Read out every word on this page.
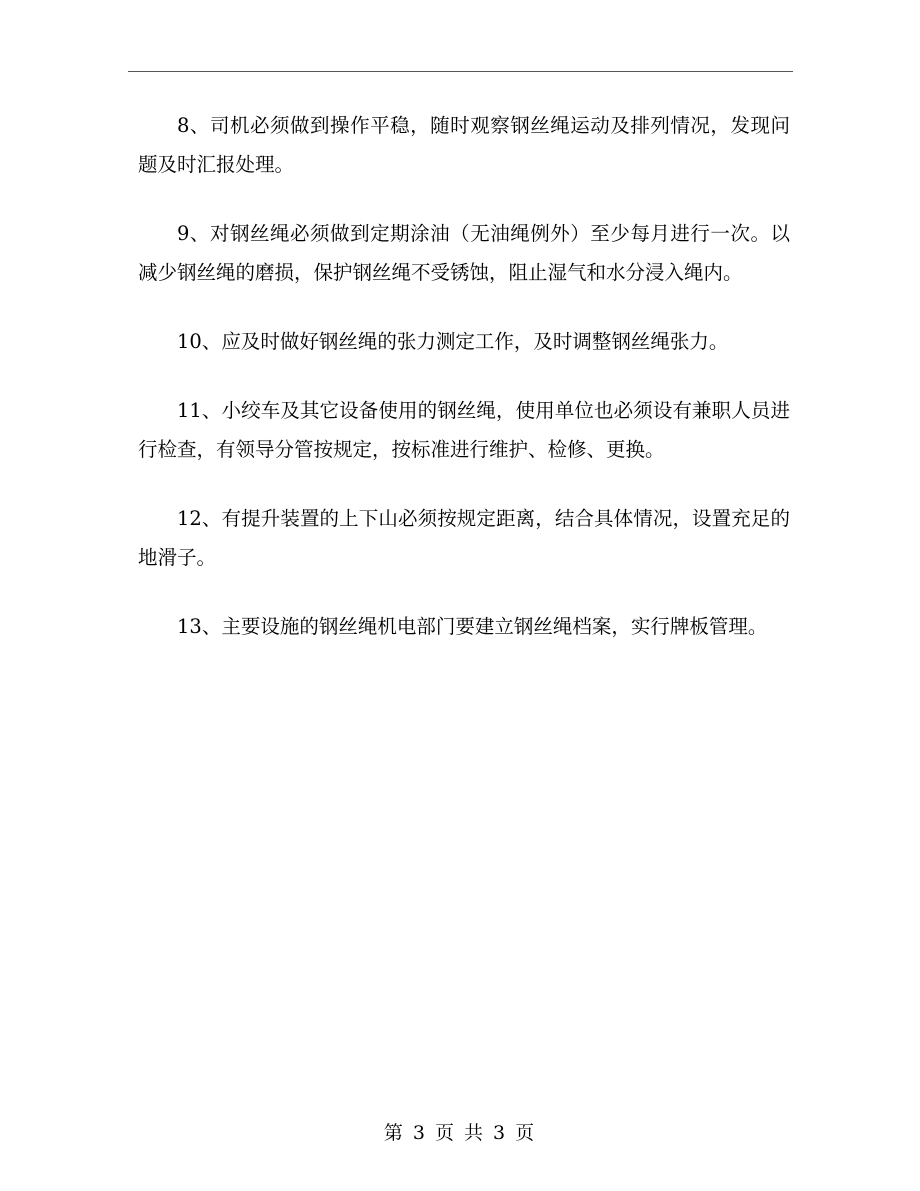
8、司机必须做到操作平稳，随时观察钢丝绳运动及排列情况，发现问题及时汇报处理。

9、对钢丝绳必须做到定期涂油（无油绳例外）至少每月进行一次。以减少钢丝绳的磨损，保护钢丝绳不受锈蚀，阻止湿气和水分浸入绳内。

10、应及时做好钢丝绳的张力测定工作，及时调整钢丝绳张力。

11、小绞车及其它设备使用的钢丝绳，使用单位也必须设有兼职人员进行检查，有领导分管按规定，按标准进行维护、检修、更换。

12、有提升装置的上下山必须按规定距离，结合具体情况，设置充足的地滑子。

13、主要设施的钢丝绳机电部门要建立钢丝绳档案，实行牌板管理。

第 3 页 共 3 页
